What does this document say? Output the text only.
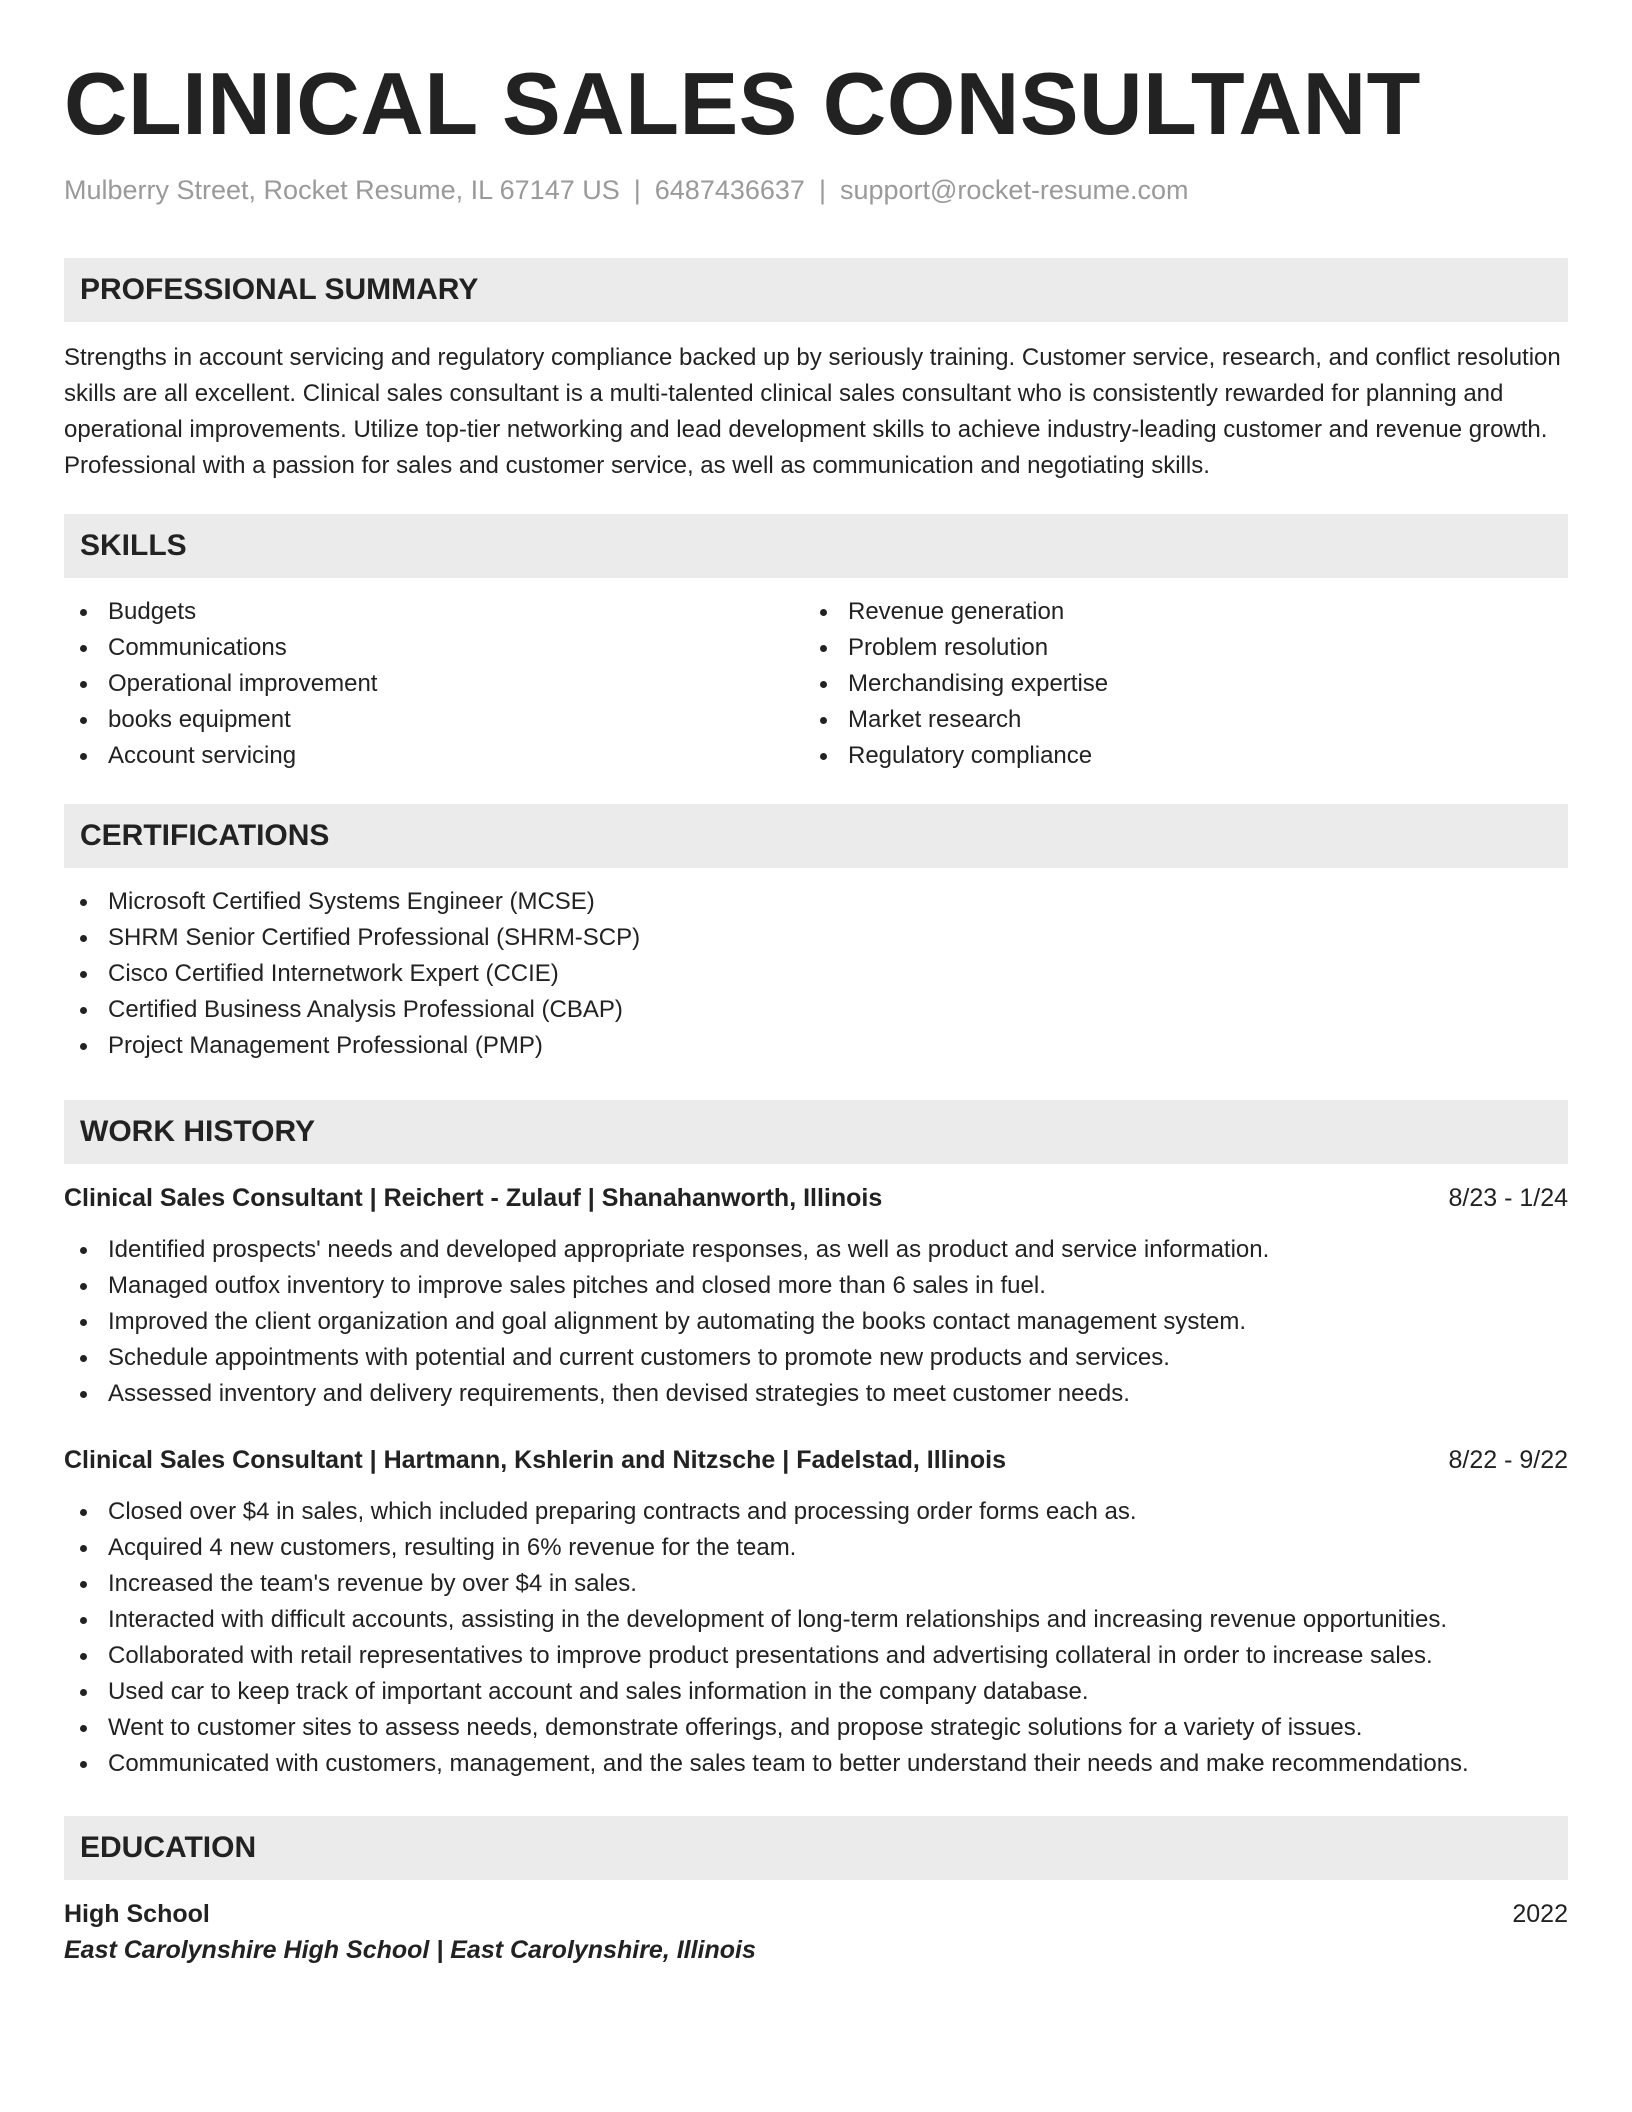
CLINICAL SALES CONSULTANT
Mulberry Street, Rocket Resume, IL 67147 US | 6487436637 | support@rocket-resume.com
PROFESSIONAL SUMMARY

Strengths in account servicing and regulatory compliance backed up by seriously training. Customer service, research, and conflict resolution skills are all excellent. Clinical sales consultant is a multi-talented clinical sales consultant who is consistently rewarded for planning and operational improvements. Utilize top-tier networking and lead development skills to achieve industry-leading customer and revenue growth. Professional with a passion for sales and customer service, as well as communication and negotiating skills.

SKILLS
Budgets
Communications
Operational improvement
books equipment
Account servicing
Revenue generation
Problem resolution
Merchandising expertise
Market research
Regulatory compliance
CERTIFICATIONS
Microsoft Certified Systems Engineer (MCSE)
SHRM Senior Certified Professional (SHRM-SCP)
Cisco Certified Internetwork Expert (CCIE)
Certified Business Analysis Professional (CBAP)
Project Management Professional (PMP)
WORK HISTORY
Clinical Sales Consultant | Reichert - Zulauf | Shanahanworth, Illinois	8/23 - 1/24
Identified prospects' needs and developed appropriate responses, as well as product and service information.
Managed outfox inventory to improve sales pitches and closed more than 6 sales in fuel.
Improved the client organization and goal alignment by automating the books contact management system.
Schedule appointments with potential and current customers to promote new products and services.
Assessed inventory and delivery requirements, then devised strategies to meet customer needs.
Clinical Sales Consultant | Hartmann, Kshlerin and Nitzsche | Fadelstad, Illinois	8/22 - 9/22
Closed over $4 in sales, which included preparing contracts and processing order forms each as.
Acquired 4 new customers, resulting in 6% revenue for the team.
Increased the team's revenue by over $4 in sales.
Interacted with difficult accounts, assisting in the development of long-term relationships and increasing revenue opportunities.
Collaborated with retail representatives to improve product presentations and advertising collateral in order to increase sales.
Used car to keep track of important account and sales information in the company database.
Went to customer sites to assess needs, demonstrate offerings, and propose strategic solutions for a variety of issues.
Communicated with customers, management, and the sales team to better understand their needs and make recommendations.
EDUCATION
High School	2022
East Carolynshire High School | East Carolynshire, Illinois
